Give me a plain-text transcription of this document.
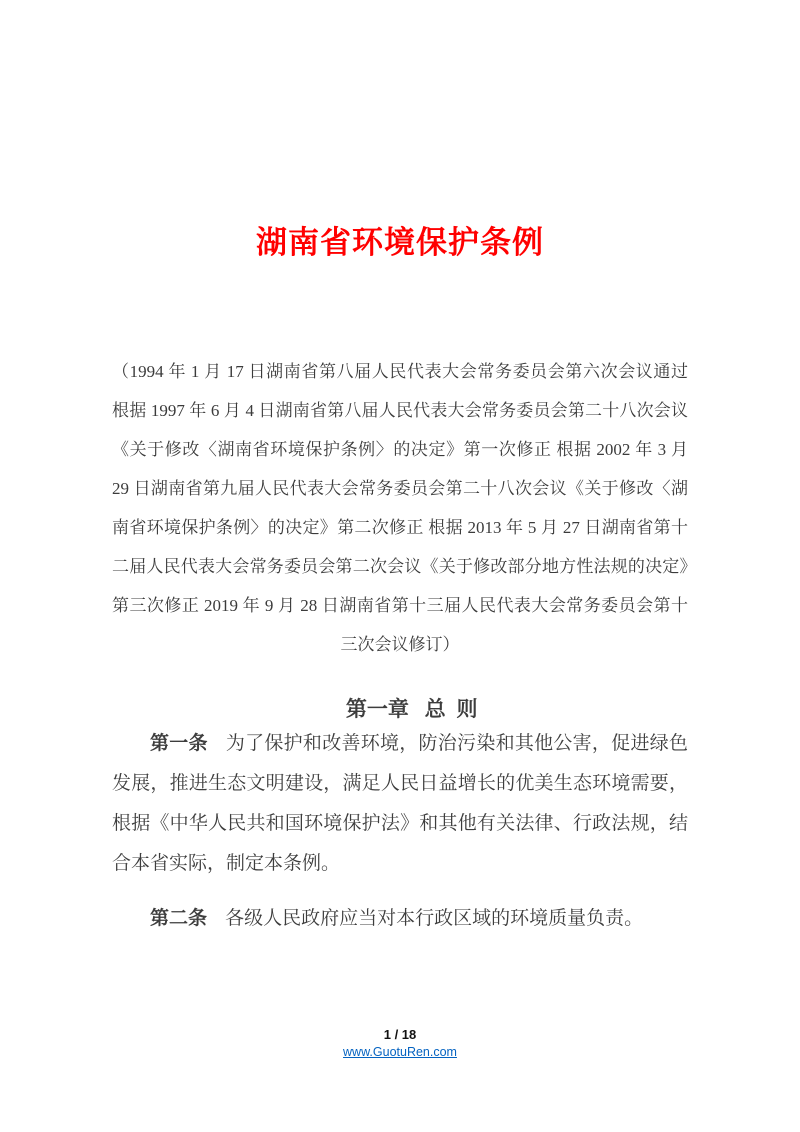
湖南省环境保护条例

（1994 年 1 月 17 日湖南省第八届人民代表大会常务委员会第六次会议通过 根据 1997 年 6 月 4 日湖南省第八届人民代表大会常务委员会第二十八次会议《关于修改〈湖南省环境保护条例〉的决定》第一次修正 根据 2002 年 3 月 29 日湖南省第九届人民代表大会常务委员会第二十八次会议《关于修改〈湖南省环境保护条例〉的决定》第二次修正 根据 2013 年 5 月 27 日湖南省第十二届人民代表大会常务委员会第二次会议《关于修改部分地方性法规的决定》第三次修正 2019 年 9 月 28 日湖南省第十三届人民代表大会常务委员会第十三次会议修订）

第一章 总 则

第一条 为了保护和改善环境，防治污染和其他公害，促进绿色发展，推进生态文明建设，满足人民日益增长的优美生态环境需要，根据《中华人民共和国环境保护法》和其他有关法律、行政法规，结合本省实际，制定本条例。

第二条 各级人民政府应当对本行政区域的环境质量负责。

1 / 18
www.GuotuRen.com
